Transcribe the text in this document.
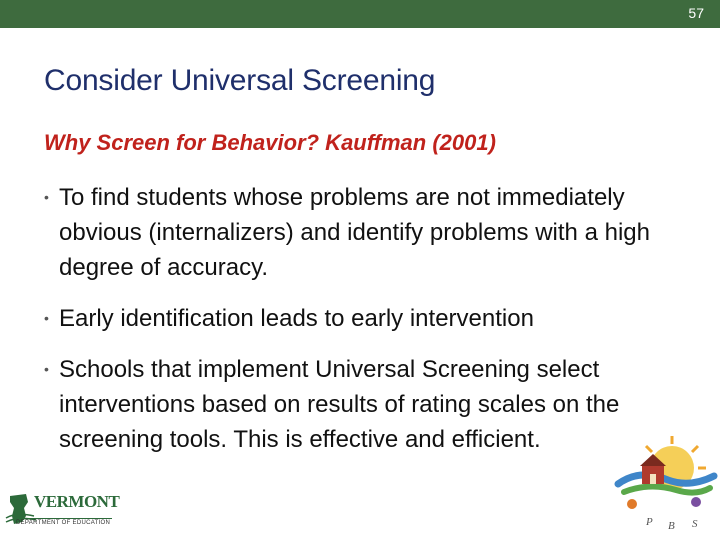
57
Consider Universal Screening
Why Screen for Behavior? Kauffman (2001)
• To find students whose problems are not immediately obvious (internalizers) and identify problems with a high degree of accuracy.
• Early identification leads to early intervention
• Schools that implement Universal Screening select interventions based on results of rating scales on the screening tools. This is effective and efficient.
VERMONT
DEPARTMENT OF EDUCATION	P B S
